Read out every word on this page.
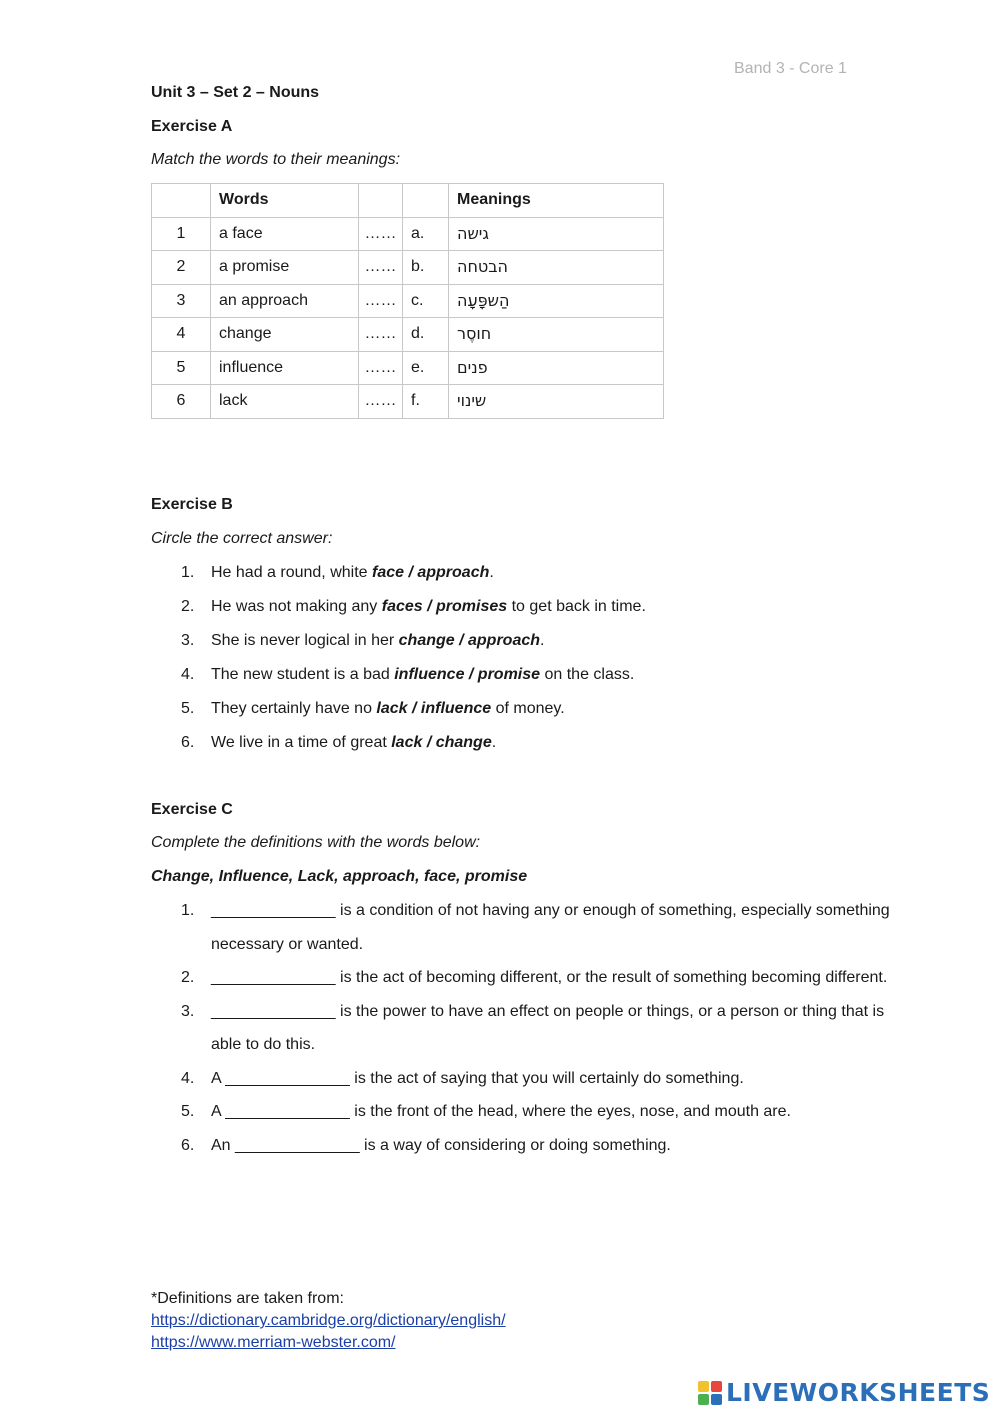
Band 3 - Core 1
Unit 3 – Set 2 – Nouns
Exercise A
Match the words to their meanings:
	Words			Meanings
1	a face	……	a.	גישה
2	a promise	……	b.	הבטחה
3	an approach	……	c.	הַשפָּעָה
4	change	……	d.	חוסֶר
5	influence	……	e.	פנים
6	lack	……	f.	שינוי
Exercise B
Circle the correct answer:
1. He had a round, white face / approach.
2. He was not making any faces / promises to get back in time.
3. She is never logical in her change / approach.
4. The new student is a bad influence / promise on the class.
5. They certainly have no lack / influence of money.
6. We live in a time of great lack / change.
Exercise C
Complete the definitions with the words below:
Change, Influence, Lack, approach, face, promise
1. ______________ is a condition of not having any or enough of something, especially something necessary or wanted.
2. ______________ is the act of becoming different, or the result of something becoming different.
3. ______________ is the power to have an effect on people or things, or a person or thing that is able to do this.
4. A ______________ is the act of saying that you will certainly do something.
5. A ______________ is the front of the head, where the eyes, nose, and mouth are.
6. An ______________ is a way of considering or doing something.
*Definitions are taken from:
https://dictionary.cambridge.org/dictionary/english/
https://www.merriam-webster.com/
LIVEWORKSHEETS
